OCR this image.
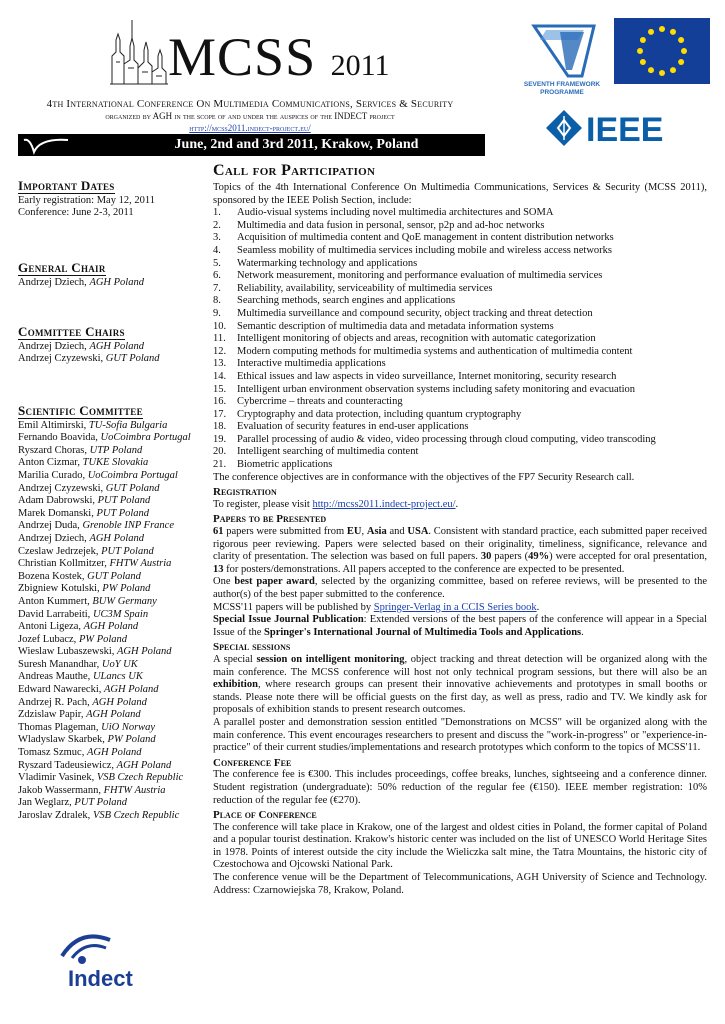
MCSS 2011
4th International Conference On Multimedia Communications, Services & Security
organized by AGH in the scope of and under the auspices of the INDECT project
http://mcss2011.indect-project.eu/
June, 2nd and 3rd 2011, Krakow, Poland
SEVENTH FRAMEWORK
PROGRAMME
IEEE
Important Dates
Early registration: May 12, 2011
Conference: June 2-3, 2011
General Chair
Andrzej Dziech, AGH Poland
Committee Chairs
Andrzej Dziech, AGH Poland
Andrzej Czyzewski, GUT Poland
Scientific Committee
Emil Altimirski, TU-Sofia Bulgaria
Fernando Boavida, UoCoimbra Portugal
Ryszard Choras, UTP Poland
Anton Cizmar, TUKE Slovakia
Marilia Curado, UoCoimbra Portugal
Andrzej Czyzewski, GUT Poland
Adam Dabrowski, PUT Poland
Marek Domanski, PUT Poland
Andrzej Duda, Grenoble INP France
Andrzej Dziech, AGH Poland
Czeslaw Jedrzejek, PUT Poland
Christian Kollmitzer, FHTW Austria
Bozena Kostek, GUT Poland
Zbigniew Kotulski, PW Poland
Anton Kummert, BUW Germany
David Larrabeiti, UC3M Spain
Antoni Ligeza, AGH Poland
Jozef Lubacz, PW Poland
Wieslaw Lubaszewski, AGH Poland
Suresh Manandhar, UoY UK
Andreas Mauthe, ULancs UK
Edward Nawarecki, AGH Poland
Andrzej R. Pach, AGH Poland
Zdzislaw Papir, AGH Poland
Thomas Plageman, UiO Norway
Wladyslaw Skarbek, PW Poland
Tomasz Szmuc, AGH Poland
Ryszard Tadeusiewicz, AGH Poland
Vladimir Vasinek, VSB Czech Republic
Jakob Wassermann, FHTW Austria
Jan Weglarz, PUT Poland
Jaroslav Zdralek, VSB Czech Republic
Indect
Call for Participation
Topics of the 4th International Conference On Multimedia Communications, Services & Security (MCSS 2011), sponsored by the IEEE Polish Section, include:
1.	Audio-visual systems including novel multimedia architectures and SOMA
2.	Multimedia and data fusion in personal, sensor, p2p and ad-hoc networks
3.	Acquisition of multimedia content and QoE management in content distribution networks
4.	Seamless mobility of multimedia services including mobile and wireless access networks
5.	Watermarking technology and applications
6.	Network measurement, monitoring and performance evaluation of multimedia services
7.	Reliability, availability, serviceability of multimedia services
8.	Searching methods, search engines and applications
9.	Multimedia surveillance and compound security, object tracking and threat detection
10.	Semantic description of multimedia data and metadata information systems
11.	Intelligent monitoring of objects and areas, recognition with automatic categorization
12.	Modern computing methods for multimedia systems and authentication of multimedia content
13.	Interactive multimedia applications
14.	Ethical issues and law aspects in video surveillance, Internet monitoring, security research
15.	Intelligent urban environment observation systems including safety monitoring and evacuation
16.	Cybercrime – threats and counteracting
17.	Cryptography and data protection, including quantum cryptography
18.	Evaluation of security features in end-user applications
19.	Parallel processing of audio & video, video processing through cloud computing, video transcoding
20.	Intelligent searching of multimedia content
21.	Biometric applications
The conference objectives are in conformance with the objectives of the FP7 Security Research call.
Registration
To register, please visit http://mcss2011.indect-project.eu/.
Papers to be Presented
61 papers were submitted from EU, Asia and USA. Consistent with standard practice, each submitted paper received rigorous peer reviewing. Papers were selected based on their originality, timeliness, significance, relevance and clarity of presentation. The selection was based on full papers. 30 papers (49%) were accepted for oral presentation, 13 for posters/demonstrations. All papers accepted to the conference are expected to be presented.
One best paper award, selected by the organizing committee, based on referee reviews, will be presented to the author(s) of the best paper submitted to the conference.
MCSS'11 papers will be published by Springer-Verlag in a CCIS Series book.
Special Issue Journal Publication: Extended versions of the best papers of the conference will appear in a Special Issue of the Springer's International Journal of Multimedia Tools and Applications.
Special sessions
A special session on intelligent monitoring, object tracking and threat detection will be organized along with the main conference. The MCSS conference will host not only technical program sessions, but there will also be an exhibition, where research groups can present their innovative achievements and prototypes in small booths or stands. Please note there will be official guests on the first day, as well as press, radio and TV. We kindly ask for proposals of exhibition stands to present research outcomes.
A parallel poster and demonstration session entitled "Demonstrations on MCSS" will be organized along with the main conference. This event encourages researchers to present and discuss the "work-in-progress" or "experience-in-practice" of their current studies/implementations and research prototypes which conform to the topics of MCSS'11.
Conference Fee
The conference fee is €300. This includes proceedings, coffee breaks, lunches, sightseeing and a conference dinner. Student registration (undergraduate): 50% reduction of the regular fee (€150). IEEE member registration: 10% reduction of the regular fee (€270).
Place of Conference
The conference will take place in Krakow, one of the largest and oldest cities in Poland, the former capital of Poland and a popular tourist destination. Krakow's historic center was included on the list of UNESCO World Heritage Sites in 1978. Points of interest outside the city include the Wieliczka salt mine, the Tatra Mountains, the historic city of Czestochowa and Ojcowski National Park.
The conference venue will be the Department of Telecommunications, AGH University of Science and Technology. Address: Czarnowiejska 78, Krakow, Poland.
